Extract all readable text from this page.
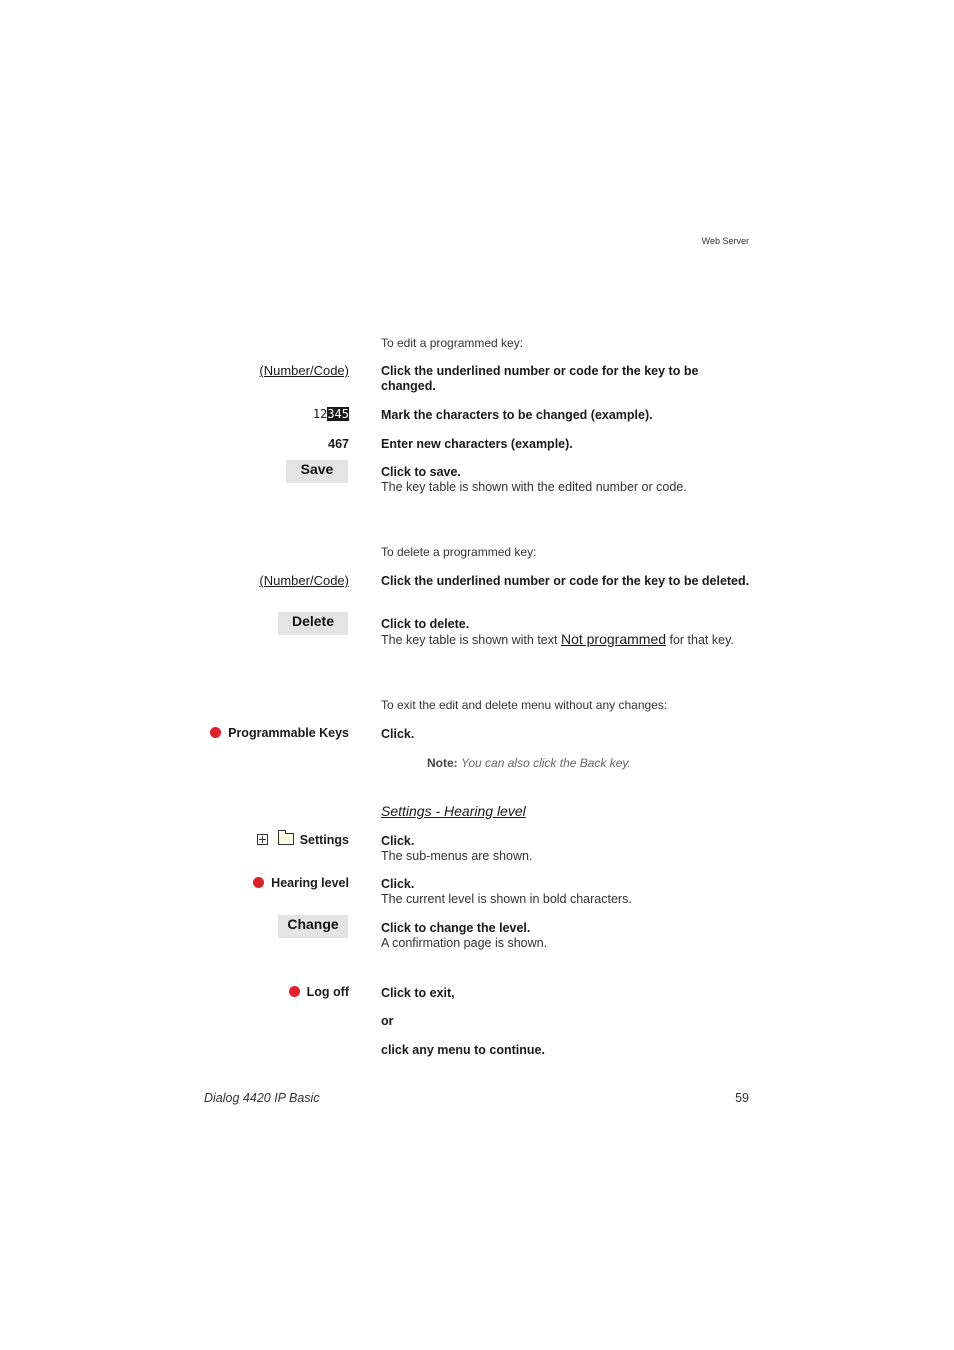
Web Server
To edit a programmed key:
(Number/Code)	Click the underlined number or code for the key to be changed.
12345	Mark the characters to be changed (example).
467	Enter new characters (example).
Save	Click to save.
The key table is shown with the edited number or code.
To delete a programmed key:
(Number/Code)	Click the underlined number or code for the key to be deleted.
Delete	Click to delete.
The key table is shown with text Not programmed for that key.
To exit the edit and delete menu without any changes:
Programmable Keys	Click.
Note: You can also click the Back key.
Settings - Hearing level
Settings	Click.
The sub-menus are shown.
Hearing level	Click.
The current level is shown in bold characters.
Change	Click to change the level.
A confirmation page is shown.
Log off	Click to exit,
or
click any menu to continue.
Dialog 4420 IP Basic	59
